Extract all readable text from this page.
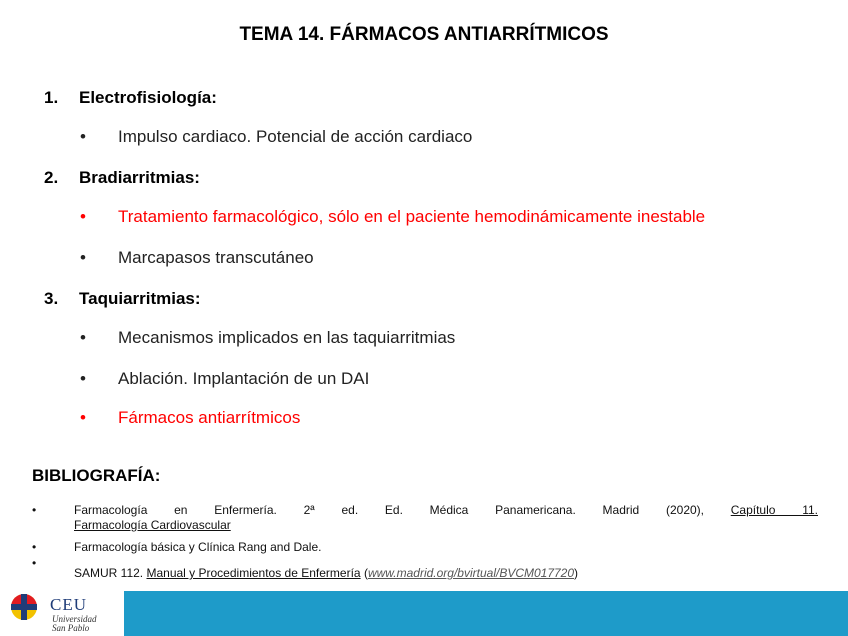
TEMA 14. FÁRMACOS ANTIARRÍTMICOS
1. Electrofisiología:
• Impulso cardiaco. Potencial de acción cardiaco
2. Bradiarritmias:
• Tratamiento farmacológico, sólo en el paciente hemodinámicamente inestable
• Marcapasos transcutáneo
3. Taquiarritmias:
• Mecanismos implicados en las taquiarritmias
• Ablación. Implantación de un DAI
• Fármacos antiarrítmicos
BIBLIOGRAFÍA:
•	Farmacología en Enfermería. 2ª ed. Ed. Médica Panamericana. Madrid (2020), Capítulo 11.
Farmacología Cardiovascular
•	Farmacología básica y Clínica Rang and Dale.
•
SAMUR 112. Manual y Procedimientos de Enfermería (www.madrid.org/bvirtual/BVCM017720)
CEU
Universidad
San Pablo
